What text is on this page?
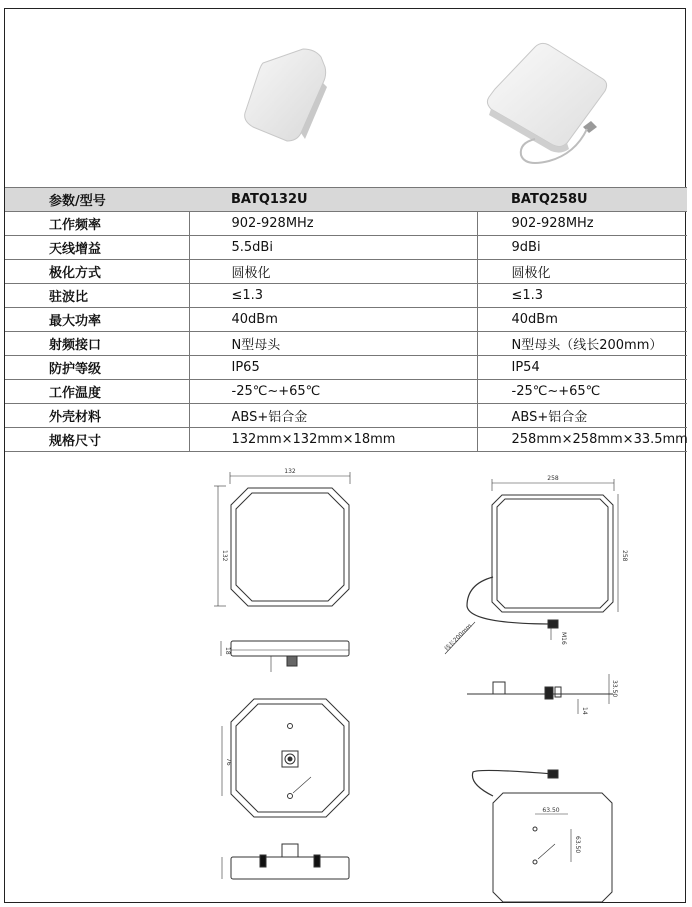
参数/型号	BATQ132U	BATQ258U
工作频率	902-928MHz	902-928MHz
天线增益	5.5dBi	9dBi
极化方式	圆极化	圆极化
驻波比	≤1.3	≤1.3
最大功率	40dBm	40dBm
射频接口	N型母头	N型母头（线长200mm）
防护等级	IP65	IP54
工作温度	-25℃~+65℃	-25℃~+65℃
外壳材料	ABS+铝合金	ABS+铝合金
规格尺寸	132mm×132mm×18mm	258mm×258mm×33.5mm
132
132
18
76
258
258
M16
线长200mm
33.50
14
63.50
63.50
